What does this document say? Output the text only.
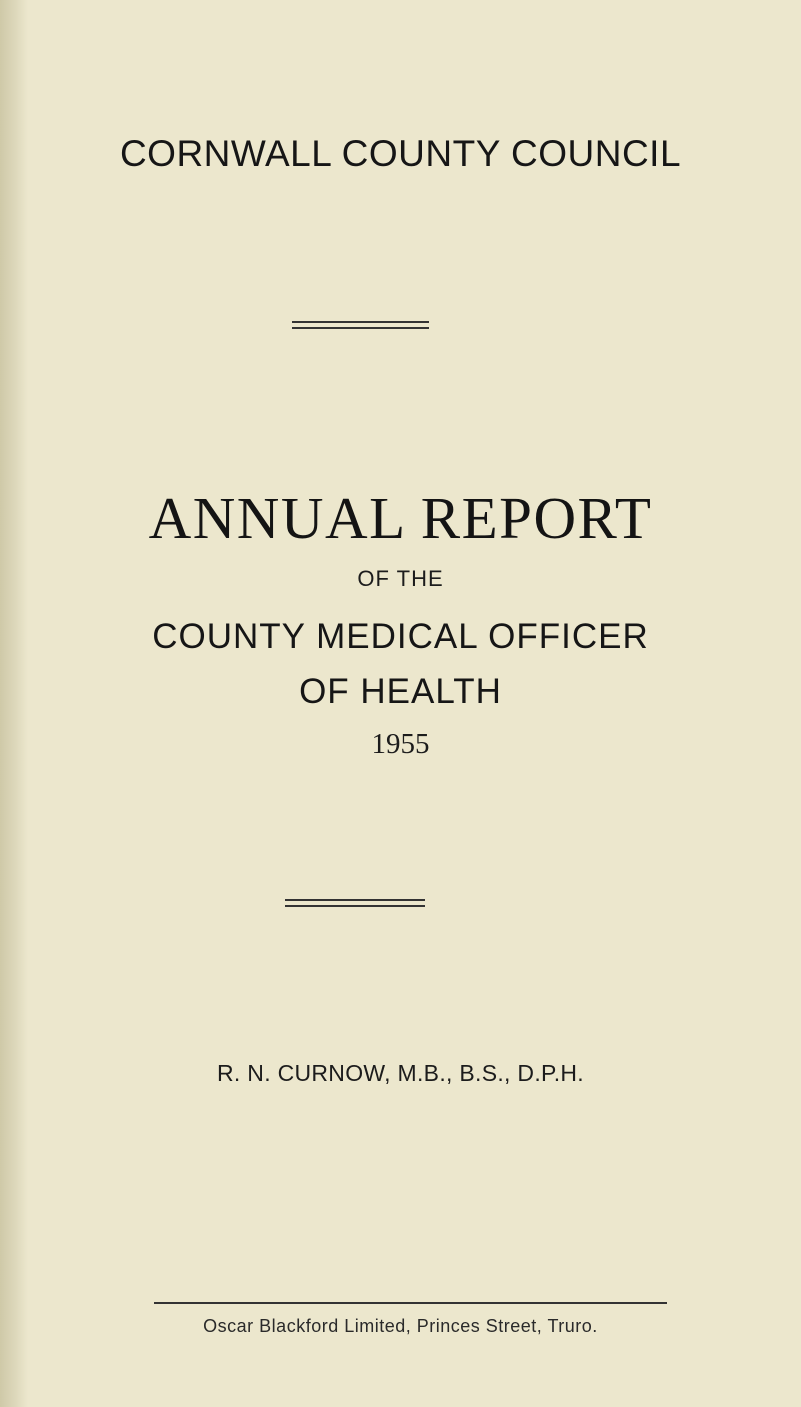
CORNWALL COUNTY COUNCIL
ANNUAL REPORT
OF THE
COUNTY MEDICAL OFFICER
OF HEALTH
1955
R. N. CURNOW, M.B., B.S., D.P.H.
Oscar Blackford Limited, Princes Street, Truro.
